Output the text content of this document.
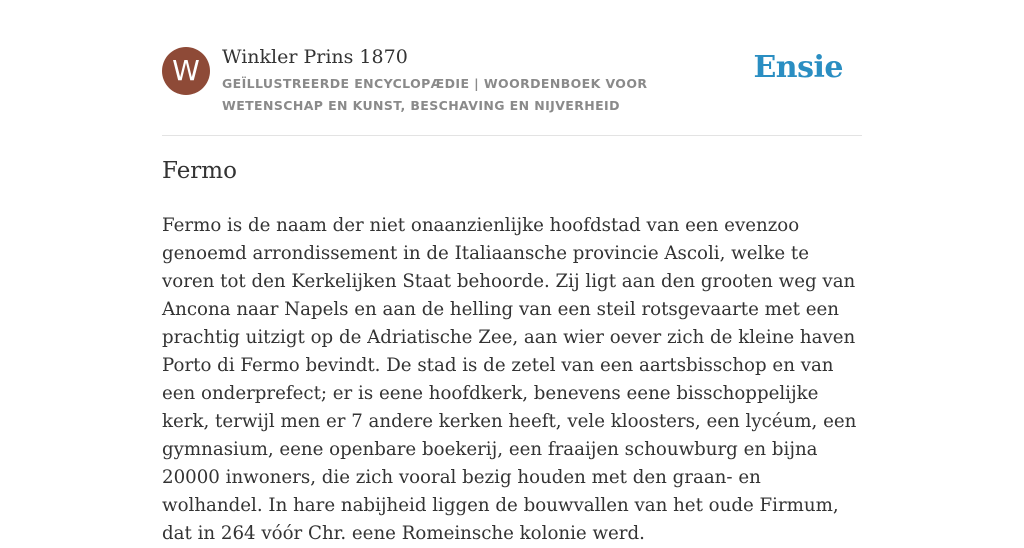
W	Winkler Prins 1870
GEÏLLUSTREERDE ENCYCLOPÆDIE | WOORDENBOEK VOOR WETENSCHAP EN KUNST, BESCHAVING EN NIJVERHEID
Ensie
Fermo

Fermo is de naam der niet onaanzienlijke hoofdstad van een evenzoo genoemd arrondissement in de Italiaansche provincie Ascoli, welke te voren tot den Kerkelijken Staat behoorde. Zij ligt aan den grooten weg van Ancona naar Napels en aan de helling van een steil rotsgevaarte met een prachtig uitzigt op de Adriatische Zee, aan wier oever zich de kleine haven Porto di Fermo bevindt. De stad is de zetel van een aartsbisschop en van een onderprefect; er is eene hoofdkerk, benevens eene bisschoppelijke kerk, terwijl men er 7 andere kerken heeft, vele kloosters, een lycéum, een gymnasium, eene openbare boekerij, een fraaijen schouwburg en bijna 20000 inwoners, die zich vooral bezig houden met den graan- en wolhandel. In hare nabijheid liggen de bouwvallen van het oude Firmum, dat in 264 vóór Chr. eene Romeinsche kolonie werd.
